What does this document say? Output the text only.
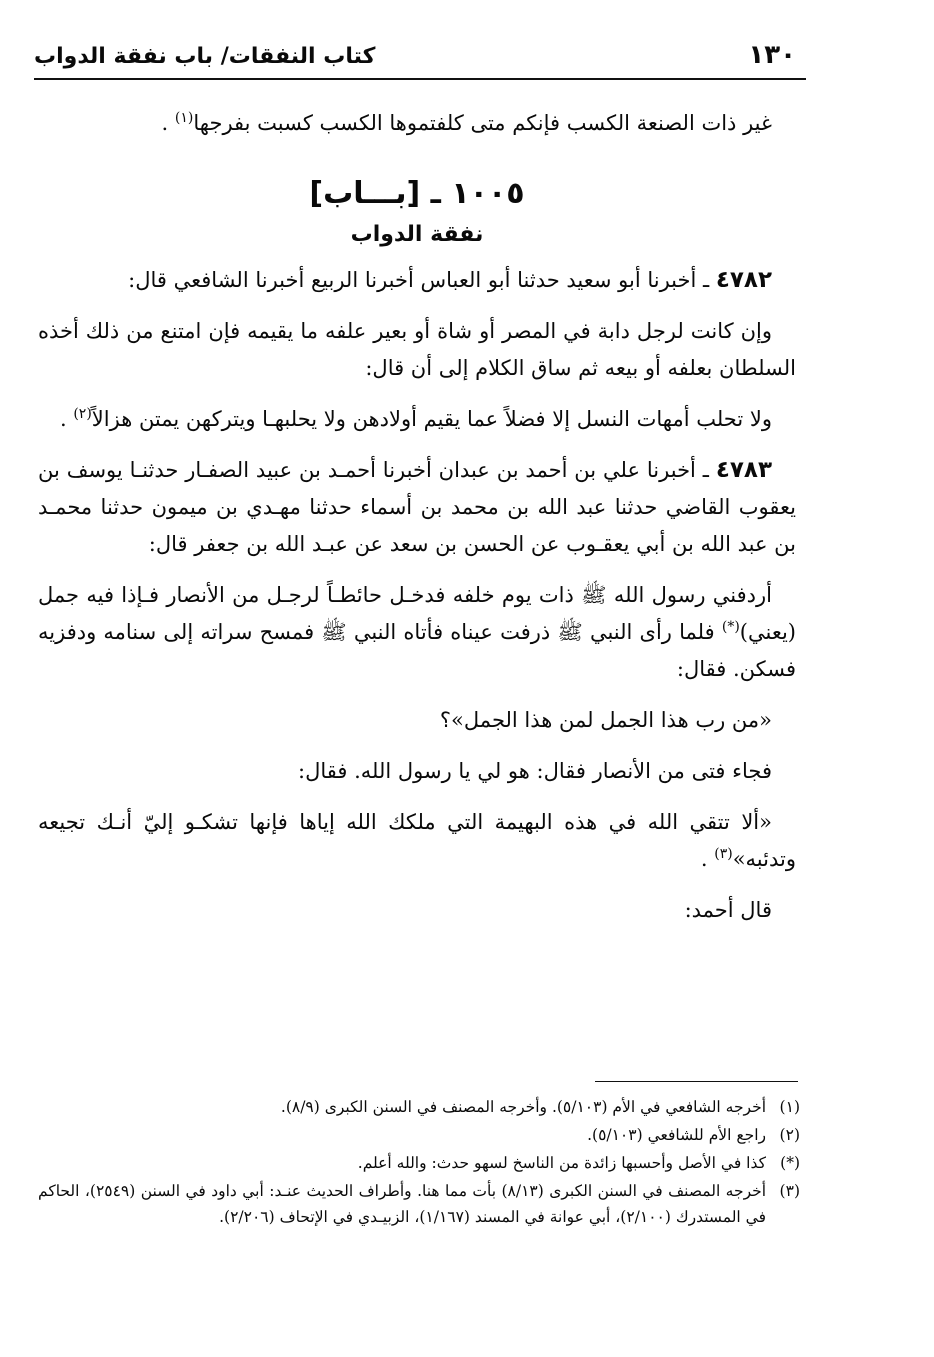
١٣٠
كتاب النفقات/ باب نفقة الدواب

غير ذات الصنعة الكسب فإنكم متى كلفتموها الكسب كسبت بفرجها$^{(١)}$ .

١٠٠٥ ـ [بـــاب]

نفقة الدواب

٤٧٨٢ ـ أخبرنا أبو سعيد حدثنا أبو العباس أخبرنا الربيع أخبرنا الشافعي قال:

وإن كانت لرجل دابة في المصر أو شاة أو بعير علفه ما يقيمه فإن امتنع من ذلك أخذه السلطان بعلفه أو بيعه ثم ساق الكلام إلى أن قال:

ولا تحلب أمهات النسل إلا فضلاً عما يقيم أولادهن ولا يحلبهـا ويتركهن يمتن هزالاً$^{(٢)}$ .

٤٧٨٣ ـ أخبرنا علي بن أحمد بن عبدان أخبرنا أحمـد بن عبيد الصفـار حدثنـا يوسف بن يعقوب القاضي حدثنا عبد الله بن محمد بن أسماء حدثنا مهـدي بن ميمون حدثنا محمـد بن عبد الله بن أبي يعقـوب عن الحسن بن سعد عن عبـد الله بن جعفر قال:

أردفني رسول الله ﷺ ذات يوم خلفه فدخـل حائطـاً لرجـل من الأنصار فـإذا فيه جمل (يعني)(*) فلما رأى النبي ﷺ ذرفت عيناه فأتاه النبي ﷺ فمسح سراته إلى سنامه ودفزيه فسكن. فقال:

«من رب هذا الجمل لمن هذا الجمل»؟

فجاء فتى من الأنصار فقال: هو لي يا رسول الله. فقال:

«ألا تتقي الله في هذه البهيمة التي ملكك الله إياها فإنها تشكـو إليّ أنـك تجيعه وتدئبه»$^{(٣)}$ .

قال أحمد:

(١)
أخرجه الشافعي في الأم (٥/١٠٣). وأخرجه المصنف في السنن الكبرى (٨/٩).
(٢)
راجع الأم للشافعي (٥/١٠٣).
(*)
كذا في الأصل وأحسبها زائدة من الناسخ لسهو حدث: والله أعلم.
(٣)
أخرجه المصنف في السنن الكبرى (٨/١٣) بأت مما هنا. وأطراف الحديث عنـد: أبي داود في السنن (٢٥٤٩)، الحاكم في المستدرك (٢/١٠٠)، أبي عوانة في المسند (١/١٦٧)، الزبيـدي في الإتحاف (٢/٢٠٦).
